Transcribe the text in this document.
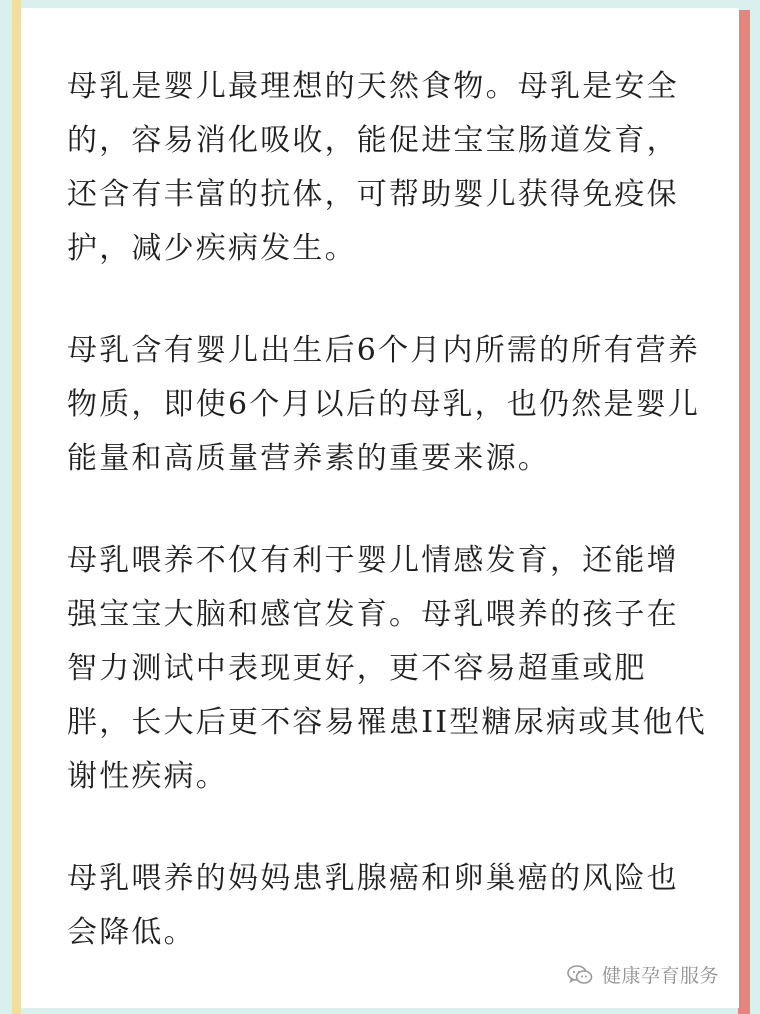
母乳是婴儿最理想的天然食物。母乳是安全的，容易消化吸收，能促进宝宝肠道发育，还含有丰富的抗体，可帮助婴儿获得免疫保护，减少疾病发生。

母乳含有婴儿出生后6个月内所需的所有营养物质，即使6个月以后的母乳，也仍然是婴儿能量和高质量营养素的重要来源。

母乳喂养不仅有利于婴儿情感发育，还能增强宝宝大脑和感官发育。母乳喂养的孩子在智力测试中表现更好，更不容易超重或肥胖，长大后更不容易罹患II型糖尿病或其他代谢性疾病。

母乳喂养的妈妈患乳腺癌和卵巢癌的风险也会降低。

健康孕育服务
